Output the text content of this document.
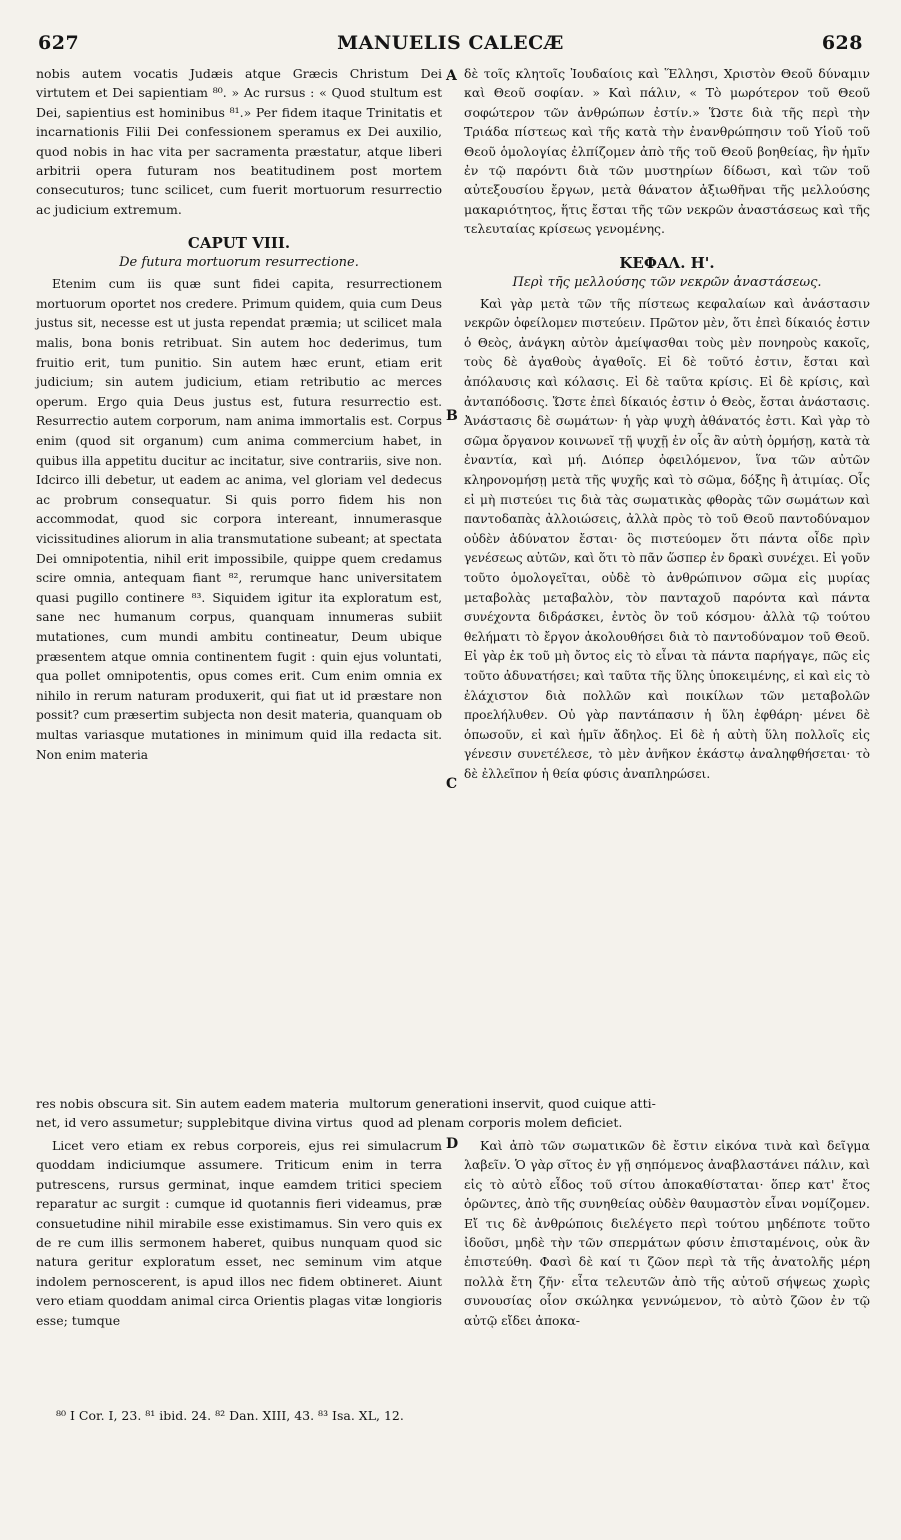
627	MANUELIS CALECÆ	628

nobis autem vocatis Judæis atque Græcis Christum Dei virtutem et Dei sapientiam ⁸⁰. » Ac rursus : « Quod stultum est Dei, sapientius est hominibus ⁸¹.» Per fidem itaque Trinitatis et incarnationis Filii Dei confessionem speramus ex Dei auxilio, quod nobis in hac vita per sacramenta præstatur, atque liberi arbitrii opera futuram nos beatitudinem post mortem consecuturos; tunc scilicet, cum fuerit mortuorum resurrectio ac judicium extremum.

CAPUT VIII.
De futura mortuorum resurrectione.

Etenim cum iis quæ sunt fidei capita, resurrectionem mortuorum oportet nos credere. Primum quidem, quia cum Deus justus sit, necesse est ut justa rependat præmia; ut scilicet mala malis, bona bonis retribuat. Sin autem hoc dederimus, tum fruitio erit, tum punitio. Sin autem hæc erunt, etiam erit judicium; sin autem judicium, etiam retributio ac merces operum. Ergo quia Deus justus est, futura resurrectio est. Resurrectio autem corporum, nam anima immortalis est. Corpus enim (quod sit organum) cum anima commercium habet, in quibus illa appetitu ducitur ac incitatur, sive contrariis, sive non. Idcirco illi debetur, ut eadem ac anima, vel gloriam vel dedecus ac probrum consequatur. Si quis porro fidem his non accommodat, quod sic corpora intereant, innumerasque vicissitudines aliorum in alia transmutatione subeant; at spectata Dei omnipotentia, nihil erit impossibile, quippe quem credamus scire omnia, antequam fiant ⁸², rerumque hanc universitatem quasi pugillo continere ⁸³. Siquidem igitur ita exploratum est, sane nec humanum corpus, quanquam innumeras subiit mutationes, cum mundi ambitu contineatur, Deum ubique præsentem atque omnia continentem fugit : quin ejus voluntati, qua pollet omnipotentis, opus comes erit. Cum enim omnia ex nihilo in rerum naturam produxerit, qui fiat ut id præstare non possit? cum præsertim subjecta non desit materia, quanquam ob multas variasque mutationes in minimum quid illa redacta sit. Non enim materia

δὲ τοῖς κλητοῖς Ἰουδαίοις καὶ Ἕλλησι, Χριστὸν Θεοῦ δύναμιν καὶ Θεοῦ σοφίαν. » Καὶ πάλιν, « Τὸ μωρότερον τοῦ Θεοῦ σοφώτερον τῶν ἀνθρώπων ἐστίν.» Ὥστε διὰ τῆς περὶ τὴν Τριάδα πίστεως καὶ τῆς κατὰ τὴν ἐνανθρώπησιν τοῦ Υἱοῦ τοῦ Θεοῦ ὁμολογίας ἐλπίζομεν ἀπὸ τῆς τοῦ Θεοῦ βοηθείας, ἣν ἡμῖν ἐν τῷ παρόντι διὰ τῶν μυστηρίων δίδωσι, καὶ τῶν τοῦ αὐτεξουσίου ἔργων, μετὰ θάνατον ἀξιωθῆναι τῆς μελλούσης μακαριότητος, ἥτις ἔσται τῆς τῶν νεκρῶν ἀναστάσεως καὶ τῆς τελευταίας κρίσεως γενομένης.

ΚΕΦΑΛ. Η'.
Περὶ τῆς μελλούσης τῶν νεκρῶν ἀναστάσεως.

Καὶ γὰρ μετὰ τῶν τῆς πίστεως κεφαλαίων καὶ ἀνάστασιν νεκρῶν ὀφείλομεν πιστεύειν. Πρῶτον μὲν, ὅτι ἐπεὶ δίκαιός ἐστιν ὁ Θεὸς, ἀνάγκη αὐτὸν ἀμείψασθαι τοὺς μὲν πονηροὺς κακοῖς, τοὺς δὲ ἀγαθοὺς ἀγαθοῖς. Εἰ δὲ τοῦτό ἐστιν, ἔσται καὶ ἀπόλαυσις καὶ κόλασις. Εἰ δὲ ταῦτα κρίσις. Εἰ δὲ κρίσις, καὶ ἀνταπόδοσις. Ὥστε ἐπεὶ δίκαιός ἐστιν ὁ Θεὸς, ἔσται ἀνάστασις. Ἀνάστασις δὲ σωμάτων· ἡ γὰρ ψυχὴ ἀθάνατός ἐστι. Καὶ γὰρ τὸ σῶμα ὄργανον κοινωνεῖ τῇ ψυχῇ ἐν οἷς ἂν αὐτὴ ὁρμήσῃ, κατὰ τὰ ἐναντία, καὶ μή. Διόπερ ὀφειλόμενον, ἵνα τῶν αὐτῶν κληρονομήσῃ μετὰ τῆς ψυχῆς καὶ τὸ σῶμα, δόξης ἢ ἀτιμίας. Οἷς εἰ μὴ πιστεύει τις διὰ τὰς σωματικὰς φθορὰς τῶν σωμάτων καὶ παντοδαπὰς ἀλλοιώσεις, ἀλλὰ πρὸς τὸ τοῦ Θεοῦ παντοδύναμον οὐδὲν ἀδύνατον ἔσται· ὃς πιστεύομεν ὅτι πάντα οἶδε πρὶν γενέσεως αὐτῶν, καὶ ὅτι τὸ πᾶν ὥσπερ ἐν δρακὶ συνέχει. Εἰ γοῦν τοῦτο ὁμολογεῖται, οὐδὲ τὸ ἀνθρώπινον σῶμα εἰς μυρίας μεταβολὰς μεταβαλὸν, τὸν πανταχοῦ παρόντα καὶ πάντα συνέχοντα διδράσκει, ἐντὸς ὂν τοῦ κόσμου· ἀλλὰ τῷ τούτου θελήματι τὸ ἔργον ἀκολουθήσει διὰ τὸ παντοδύναμον τοῦ Θεοῦ. Εἰ γὰρ ἐκ τοῦ μὴ ὄντος εἰς τὸ εἶναι τὰ πάντα παρήγαγε, πῶς εἰς τοῦτο ἀδυνατήσει; καὶ ταῦτα τῆς ὕλης ὑποκειμένης, εἰ καὶ εἰς τὸ ἐλάχιστον διὰ πολλῶν καὶ ποικίλων τῶν μεταβολῶν προελήλυθεν. Οὐ γὰρ παντάπασιν ἡ ὕλη ἐφθάρη· μένει δὲ ὁπωσοῦν, εἰ καὶ ἡμῖν ἄδηλος. Εἰ δὲ ἡ αὐτὴ ὕλη πολλοῖς εἰς γένεσιν συνετέλεσε, τὸ μὲν ἀνῆκον ἑκάστῳ ἀναληφθήσεται· τὸ δὲ ἐλλεῖπον ἡ θεία φύσις ἀναπληρώσει.

res nobis obscura sit. Sin autem eadem materia multorum generationi inservit, quod cuique atti-
net, id vero assumetur; supplebitque divina virtus quod ad plenam corporis molem deficiet.

Licet vero etiam ex rebus corporeis, ejus rei simulacrum quoddam indiciumque assumere. Triticum enim in terra putrescens, rursus germinat, inque eamdem tritici speciem reparatur ac surgit : cumque id quotannis fieri videamus, præ consuetudine nihil mirabile esse existimamus. Sin vero quis ex de re cum illis sermonem haberet, quibus nunquam quod sic natura geritur exploratum esset, nec seminum vim atque indolem pernoscerent, is apud illos nec fidem obtineret. Aiunt vero etiam quoddam animal circa Orientis plagas vitæ longioris esse; tumque

Καὶ ἀπὸ τῶν σωματικῶν δὲ ἔστιν εἰκόνα τινὰ καὶ δεῖγμα λαβεῖν. Ὁ γὰρ σῖτος ἐν γῇ σηπόμενος ἀναβλαστάνει πάλιν, καὶ εἰς τὸ αὐτὸ εἶδος τοῦ σίτου ἀποκαθίσταται· ὅπερ κατ' ἔτος ὁρῶντες, ἀπὸ τῆς συνηθείας οὐδὲν θαυμαστὸν εἶναι νομίζομεν. Εἴ τις δὲ ἀνθρώποις διελέγετο περὶ τούτου μηδέποτε τοῦτο ἰδοῦσι, μηδὲ τὴν τῶν σπερμάτων φύσιν ἐπισταμένοις, οὐκ ἂν ἐπιστεύθη. Φασὶ δὲ καί τι ζῶον περὶ τὰ τῆς ἀνατολῆς μέρη πολλὰ ἔτη ζῆν· εἶτα τελευτῶν ἀπὸ τῆς αὐτοῦ σήψεως χωρὶς συνουσίας οἷον σκώληκα γεννώμενον, τὸ αὐτὸ ζῶον ἐν τῷ αὐτῷ εἴδει ἀποκα-

A
B
C
D
⁸⁰ I Cor. I, 23. ⁸¹ ibid. 24. ⁸² Dan. XIII, 43. ⁸³ Isa. XL, 12.
